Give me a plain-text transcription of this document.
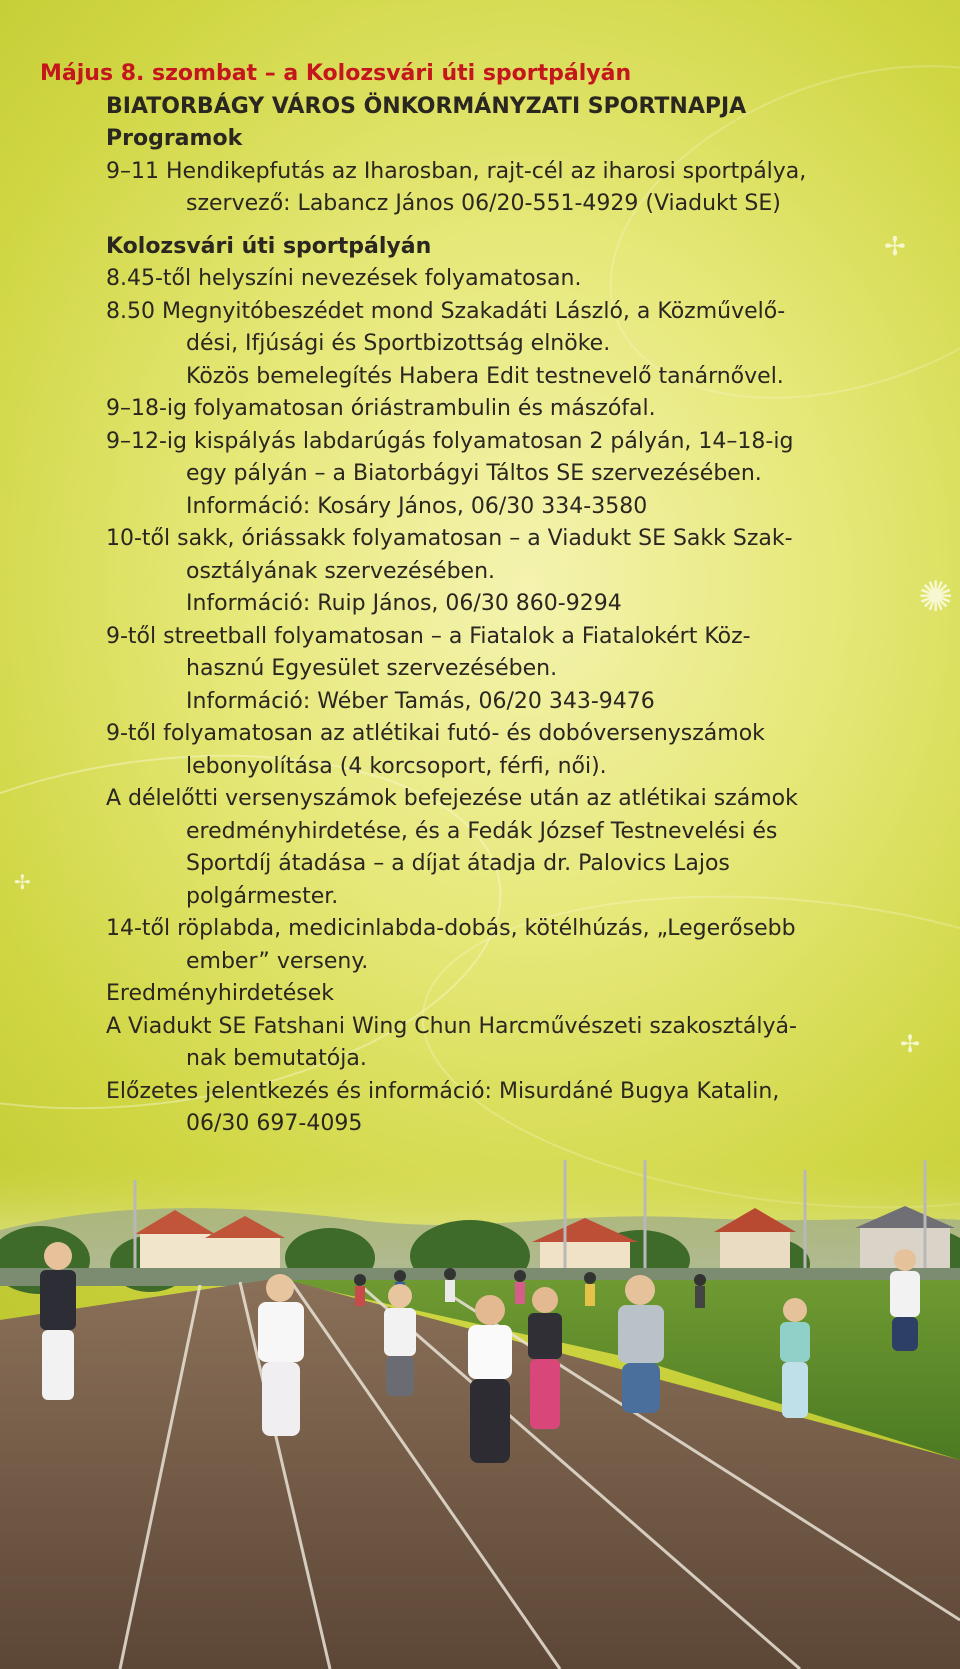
✢
✺
✢
✢
Május 8. szombat – a Kolozsvári úti sportpályán
BIATORBÁGY VÁROS ÖNKORMÁNYZATI SPORTNAPJA
Programok
9–11 Hendikepfutás az Iharosban, rajt-cél az iharosi sportpálya,
szervező: Labancz János 06/20-551-4929 (Viadukt SE)
Kolozsvári úti sportpályán
8.45-től helyszíni nevezések folyamatosan.
8.50 Megnyitóbeszédet mond Szakadáti László, a Közművelő-
dési, Ifjúsági és Sportbizottság elnöke.
Közös bemelegítés Habera Edit testnevelő tanárnővel.
9–18-ig folyamatosan óriástrambulin és mászófal.
9–12-ig kispályás labdarúgás folyamatosan 2 pályán, 14–18-ig
egy pályán – a Biatorbágyi Táltos SE szervezésében.
Információ: Kosáry János, 06/30 334-3580
10-től sakk, óriássakk folyamatosan – a Viadukt SE Sakk Szak-
osztályának szervezésében.
Információ: Ruip János, 06/30 860-9294
9-től streetball folyamatosan – a Fiatalok a Fiatalokért Köz-
hasznú Egyesület szervezésében.
Információ: Wéber Tamás, 06/20 343-9476
9-től folyamatosan az atlétikai futó- és dobóversenyszámok
lebonyolítása (4 korcsoport, férfi, női).
A délelőtti versenyszámok befejezése után az atlétikai számok
eredményhirdetése, és a Fedák József Testnevelési és
Sportdíj átadása – a díjat átadja dr. Palovics Lajos
polgármester.
14-től röplabda, medicinlabda-dobás, kötélhúzás, „Legerősebb
ember” verseny.
Eredményhirdetések
A Viadukt SE Fatshani Wing Chun Harcművészeti szakosztályá-
nak bemutatója.
Előzetes jelentkezés és információ: Misurdáné Bugya Katalin,
06/30 697-4095
